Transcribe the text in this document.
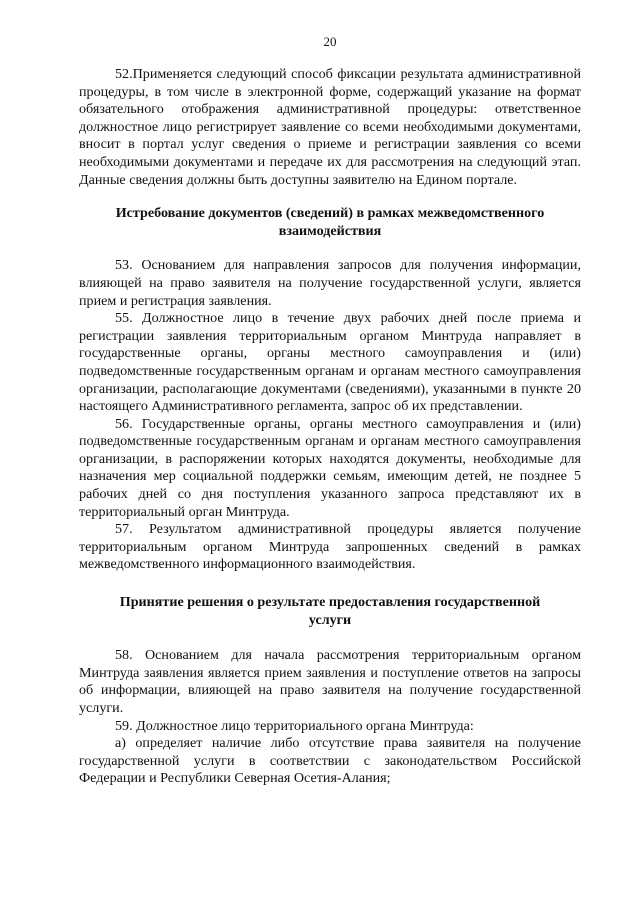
20

52.Применяется следующий способ фиксации результата административной процедуры, в том числе в электронной форме, содержащий указание на формат обязательного отображения административной процедуры: ответственное должностное лицо регистрирует заявление со всеми необходимыми документами, вносит в портал услуг сведения о приеме и регистрации заявления со всеми необходимыми документами и передаче их для рассмотрения на следующий этап. Данные сведения должны быть доступны заявителю на Едином портале.

Истребование документов (сведений) в рамках межведомственного взаимодействия

53. Основанием для направления запросов для получения информации, влияющей на право заявителя на получение государственной услуги, является прием и регистрация заявления.

55. Должностное лицо в течение двух рабочих дней после приема и регистрации заявления территориальным органом Минтруда направляет в государственные органы, органы местного самоуправления и (или) подведомственные государственным органам и органам местного самоуправления организации, располагающие документами (сведениями), указанными в пункте 20 настоящего Административного регламента, запрос об их представлении.

56. Государственные органы, органы местного самоуправления и (или) подведомственные государственным органам и органам местного самоуправления организации, в распоряжении которых находятся документы, необходимые для назначения мер социальной поддержки семьям, имеющим детей, не позднее 5 рабочих дней со дня поступления указанного запроса представляют их в территориальный орган Минтруда.

57. Результатом административной процедуры является получение территориальным органом Минтруда запрошенных сведений в рамках межведомственного информационного взаимодействия.

Принятие решения о результате предоставления государственной услуги

58. Основанием для начала рассмотрения территориальным органом Минтруда заявления является прием заявления и поступление ответов на запросы об информации, влияющей на право заявителя на получение государственной услуги.

59. Должностное лицо территориального органа Минтруда:

а) определяет наличие либо отсутствие права заявителя на получение государственной услуги в соответствии с законодательством Российской Федерации и Республики Северная Осетия-Алания;
